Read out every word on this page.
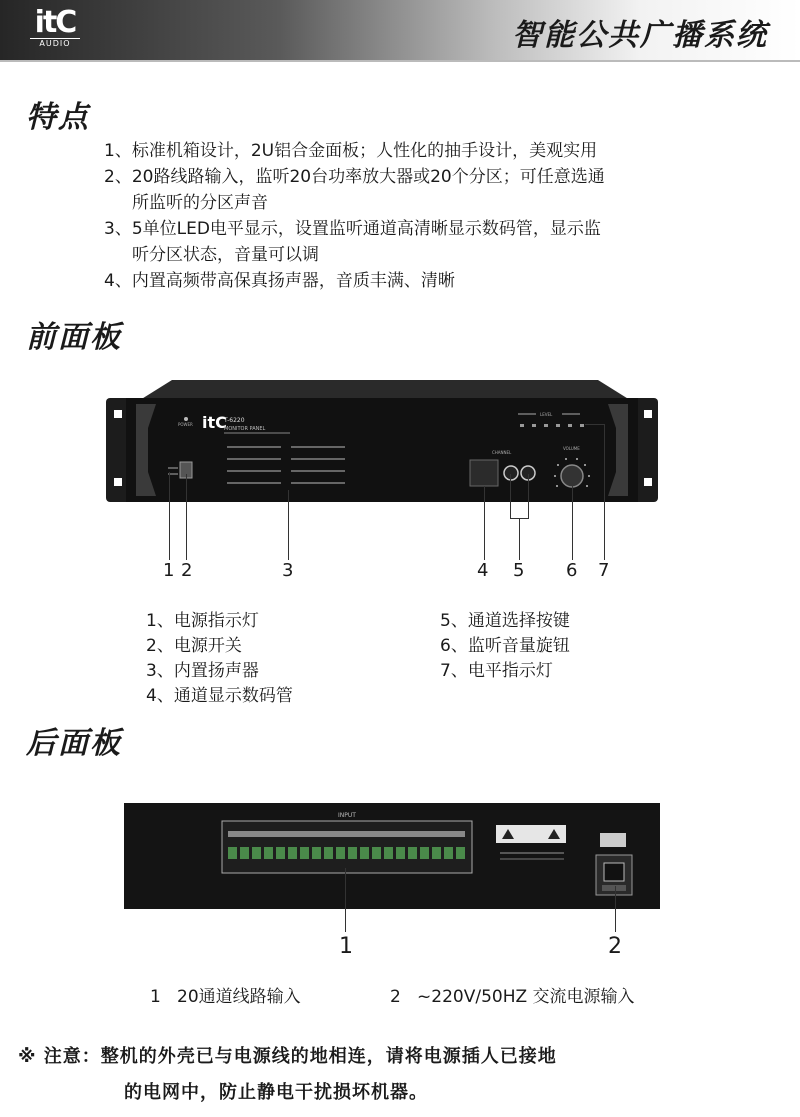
itC
AUDIO	智能公共广播系统
特点
1、标准机箱设计，2U铝合金面板；人性化的抽手设计，美观实用
2、20路线路输入，监听20台功率放大器或20个分区；可任意选通
所监听的分区声音
3、5单位LED电平显示，设置监听通道高清晰显示数码管，显示监
听分区状态，音量可以调
4、内置高频带高保真扬声器，音质丰满、清晰
前面板
itC
T-6220
MONITOR PANEL
POWER
LEVEL
CHANNEL
VOLUME
1 2	3	4 5 6 7
1、电源指示灯
2、电源开关
3、内置扬声器
4、通道显示数码管
5、通道选择按键
6、监听音量旋钮
7、电平指示灯
后面板
INPUT
1	2
1   20通道线路输入	2   ~220V/50HZ 交流电源输入
※ 注意：整机的外壳已与电源线的地相连，请将电源插人已接地
的电网中，防止静电干扰损坏机器。
